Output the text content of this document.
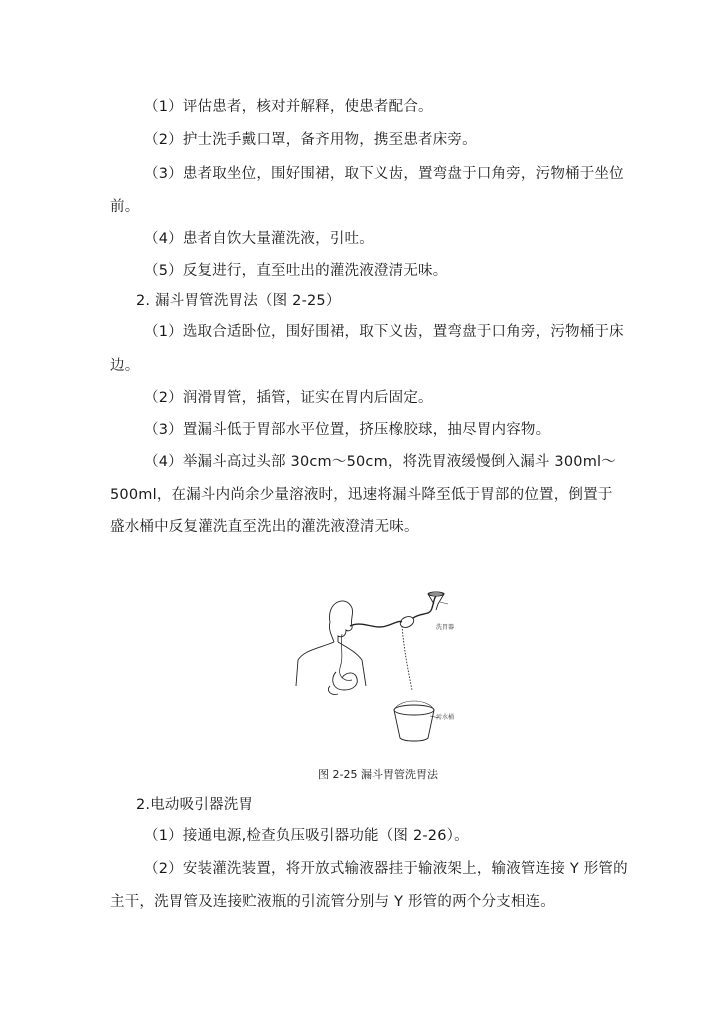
（1）评估患者，核对并解释，使患者配合。
（2）护士洗手戴口罩，备齐用物，携至患者床旁。
（3）患者取坐位，围好围裙，取下义齿，置弯盘于口角旁，污物桶于坐位
前。
（4）患者自饮大量灌洗液，引吐。
（5）反复进行，直至吐出的灌洗液澄清无味。
2. 漏斗胃管洗胃法（图 2-25）
（1）选取合适卧位，围好围裙，取下义齿，置弯盘于口角旁，污物桶于床
边。
（2）润滑胃管，插管，证实在胃内后固定。
（3）置漏斗低于胃部水平位置，挤压橡胶球，抽尽胃内容物。
（4）举漏斗高过头部 30cm～50cm，将洗胃液缓慢倒入漏斗 300ml～
500ml，在漏斗内尚余少量溶液时，迅速将漏斗降至低于胃部的位置，倒置于
盛水桶中反复灌洗直至洗出的灌洗液澄清无味。
洗胃器
污水桶
图 2-25 漏斗胃管洗胃法
2.电动吸引器洗胃
（1）接通电源,检查负压吸引器功能（图 2-26）。
（2）安装灌洗装置，将开放式输液器挂于输液架上，输液管连接 Y 形管的
主干，洗胃管及连接贮液瓶的引流管分别与 Y 形管的两个分支相连。
